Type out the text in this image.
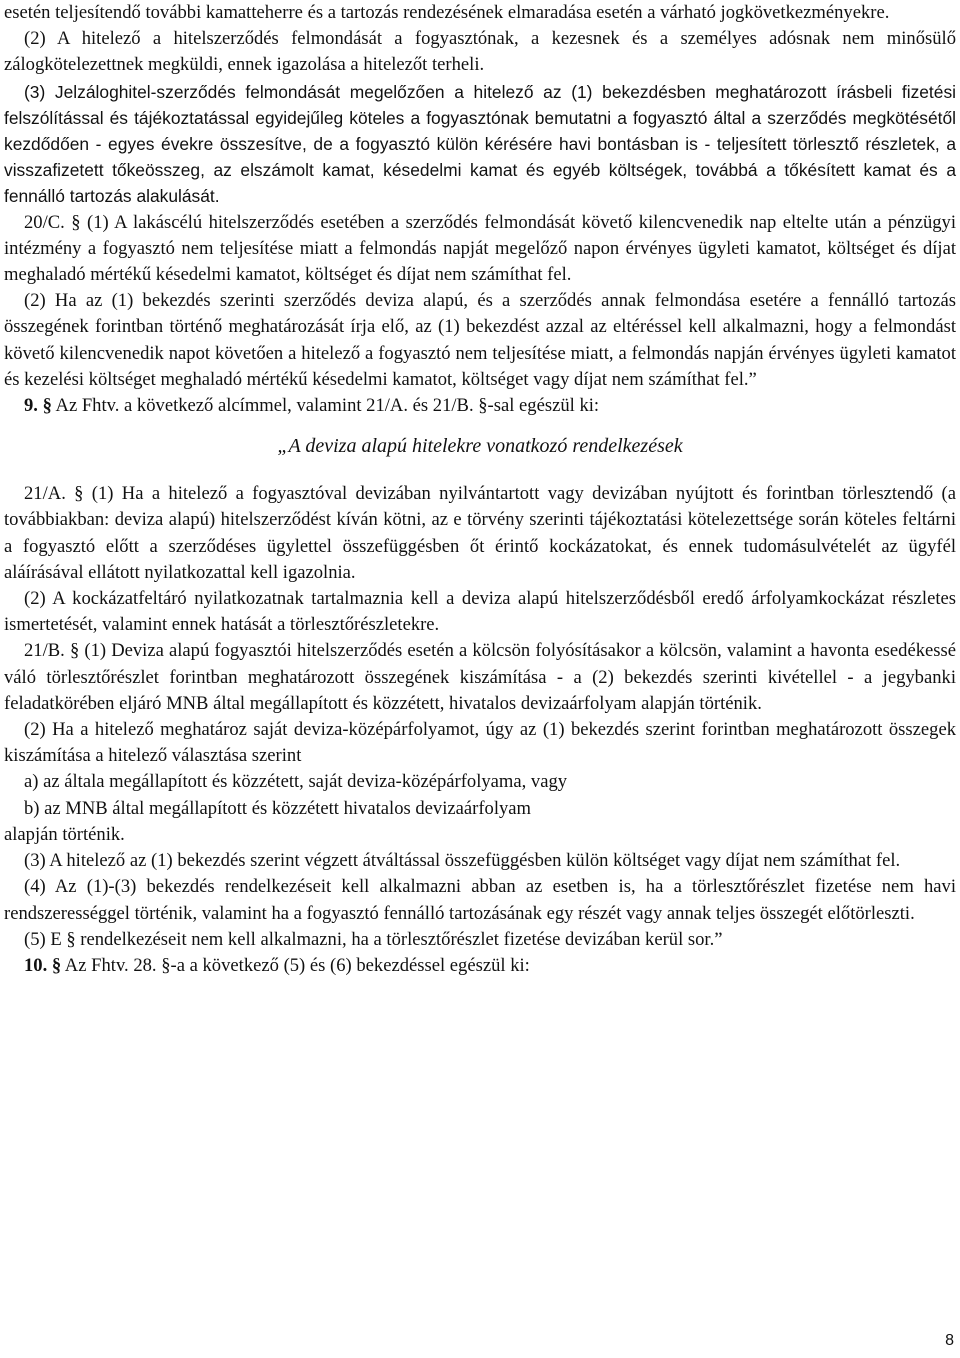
esetén teljesítendő további kamatteherre és a tartozás rendezésének elmaradása esetén a várható jogkövetkezményekre.

(2) A hitelező a hitelszerződés felmondását a fogyasztónak, a kezesnek és a személyes adósnak nem minősülő zálogkötelezettnek megküldi, ennek igazolása a hitelezőt terheli.

(3) Jelzáloghitel-szerződés felmondását megelőzően a hitelező az (1) bekezdésben meghatározott írásbeli fizetési felszólítással és tájékoztatással egyidejűleg köteles a fogyasztónak bemutatni a fogyasztó által a szerződés megkötésétől kezdődően - egyes évekre összesítve, de a fogyasztó külön kérésére havi bontásban is - teljesített törlesztő részletek, a visszafizetett tőkeösszeg, az elszámolt kamat, késedelmi kamat és egyéb költségek, továbbá a tőkésített kamat és a fennálló tartozás alakulását.

20/C. § (1) A lakáscélú hitelszerződés esetében a szerződés felmondását követő kilencvenedik nap eltelte után a pénzügyi intézmény a fogyasztó nem teljesítése miatt a felmondás napját megelőző napon érvényes ügyleti kamatot, költséget és díjat meghaladó mértékű késedelmi kamatot, költséget és díjat nem számíthat fel.

(2) Ha az (1) bekezdés szerinti szerződés deviza alapú, és a szerződés annak felmondása esetére a fennálló tartozás összegének forintban történő meghatározását írja elő, az (1) bekezdést azzal az eltéréssel kell alkalmazni, hogy a felmondást követő kilencvenedik napot követően a hitelező a fogyasztó nem teljesítése miatt, a felmondás napján érvényes ügyleti kamatot és kezelési költséget meghaladó mértékű késedelmi kamatot, költséget vagy díjat nem számíthat fel.”

9. § Az Fhtv. a következő alcímmel, valamint 21/A. és 21/B. §-sal egészül ki:

„A deviza alapú hitelekre vonatkozó rendelkezések

21/A. § (1) Ha a hitelező a fogyasztóval devizában nyilvántartott vagy devizában nyújtott és forintban törlesztendő (a továbbiakban: deviza alapú) hitelszerződést kíván kötni, az e törvény szerinti tájékoztatási kötelezettsége során köteles feltárni a fogyasztó előtt a szerződéses ügylettel összefüggésben őt érintő kockázatokat, és ennek tudomásulvételét az ügyfél aláírásával ellátott nyilatkozattal kell igazolnia.

(2) A kockázatfeltáró nyilatkozatnak tartalmaznia kell a deviza alapú hitelszerződésből eredő árfolyamkockázat részletes ismertetését, valamint ennek hatását a törlesztőrészletekre.

21/B. § (1) Deviza alapú fogyasztói hitelszerződés esetén a kölcsön folyósításakor a kölcsön, valamint a havonta esedékessé váló törlesztőrészlet forintban meghatározott összegének kiszámítása - a (2) bekezdés szerinti kivétellel - a jegybanki feladatkörében eljáró MNB által megállapított és közzétett, hivatalos devizaárfolyam alapján történik.

(2) Ha a hitelező meghatároz saját deviza-középárfolyamot, úgy az (1) bekezdés szerint forintban meghatározott összegek kiszámítása a hitelező választása szerint

a) az általa megállapított és közzétett, saját deviza-középárfolyama, vagy

b) az MNB által megállapított és közzétett hivatalos devizaárfolyam

alapján történik.

(3) A hitelező az (1) bekezdés szerint végzett átváltással összefüggésben külön költséget vagy díjat nem számíthat fel.

(4) Az (1)-(3) bekezdés rendelkezéseit kell alkalmazni abban az esetben is, ha a törlesztőrészlet fizetése nem havi rendszerességgel történik, valamint ha a fogyasztó fennálló tartozásának egy részét vagy annak teljes összegét előtörleszti.

(5) E § rendelkezéseit nem kell alkalmazni, ha a törlesztőrészlet fizetése devizában kerül sor.”

10. § Az Fhtv. 28. §-a a következő (5) és (6) bekezdéssel egészül ki:

8
